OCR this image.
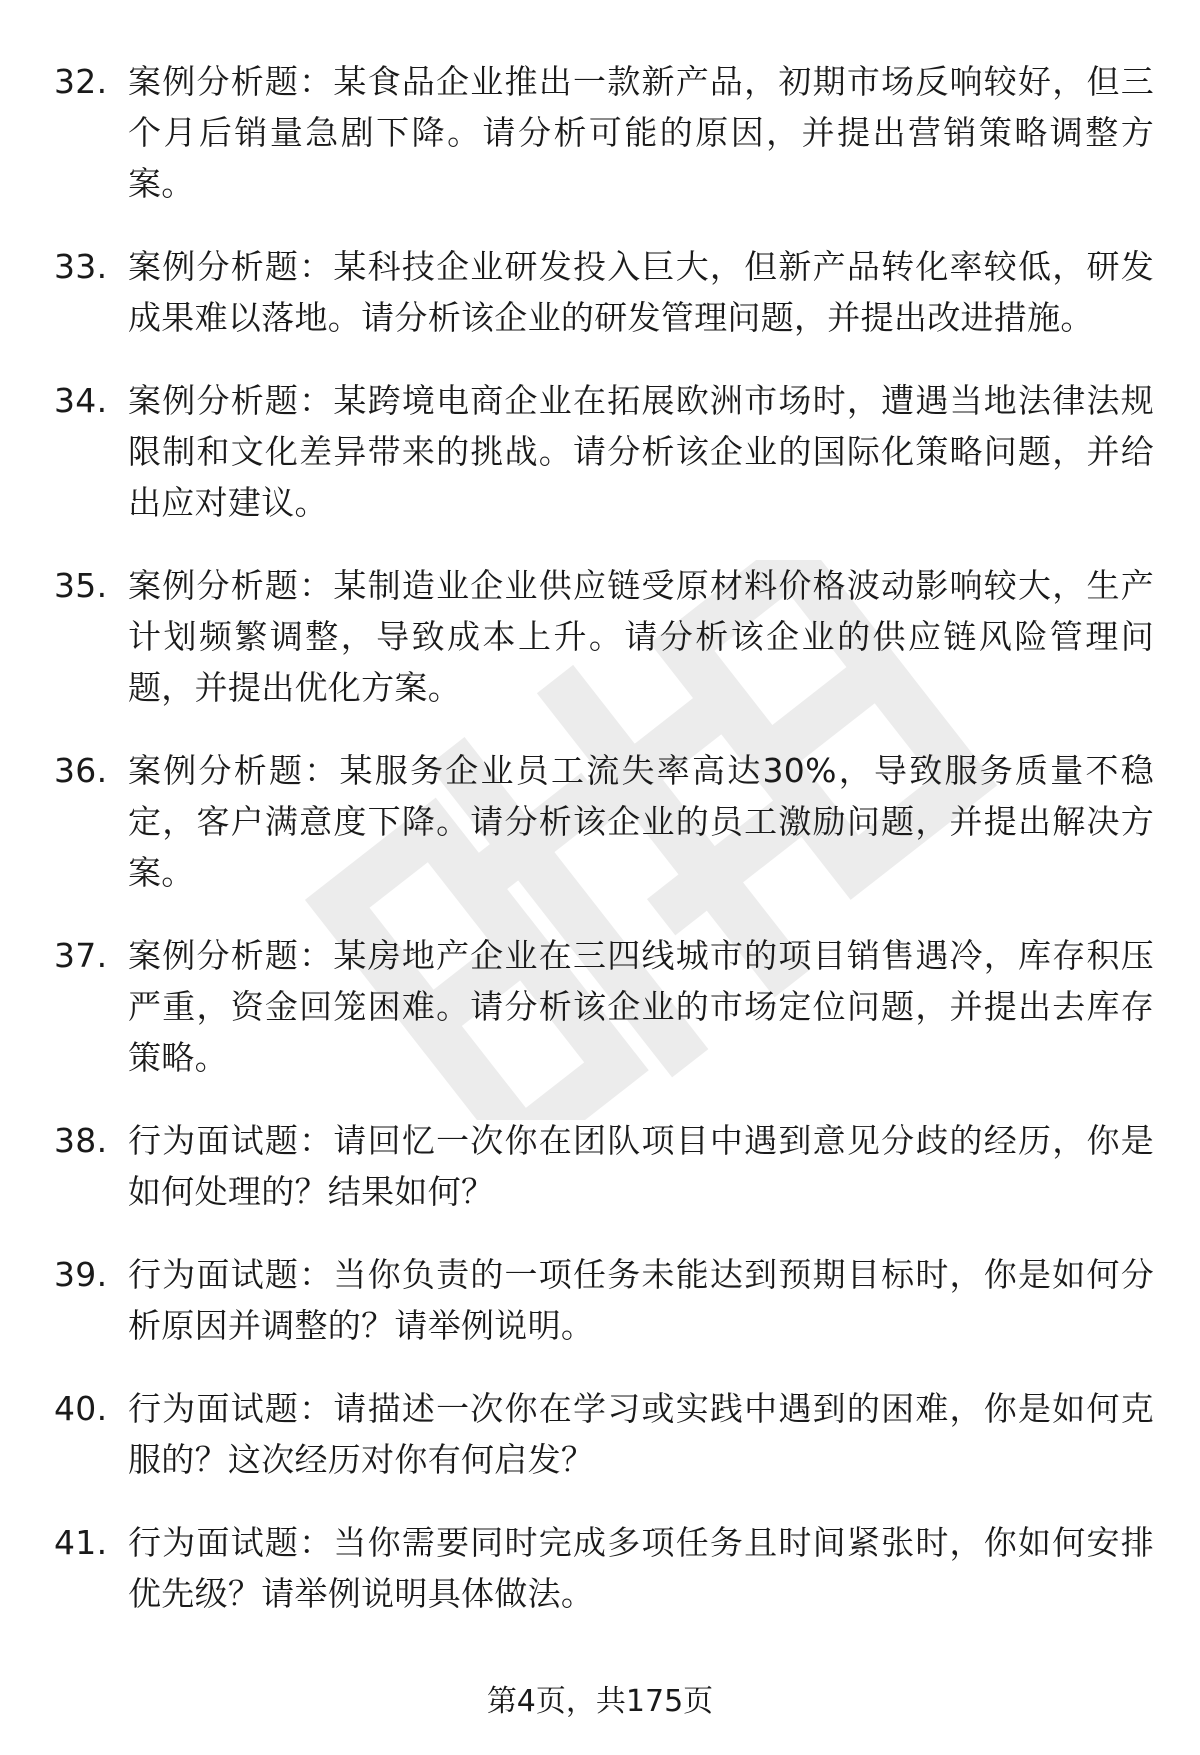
32. 案例分析题：某食品企业推出一款新产品，初期市场反响较好，但三个月后销量急剧下降。请分析可能的原因，并提出营销策略调整方案。
33. 案例分析题：某科技企业研发投入巨大，但新产品转化率较低，研发成果难以落地。请分析该企业的研发管理问题，并提出改进措施。
34. 案例分析题：某跨境电商企业在拓展欧洲市场时，遭遇当地法律法规限制和文化差异带来的挑战。请分析该企业的国际化策略问题，并给出应对建议。
35. 案例分析题：某制造业企业供应链受原材料价格波动影响较大，生产计划频繁调整，导致成本上升。请分析该企业的供应链风险管理问题，并提出优化方案。
36. 案例分析题：某服务企业员工流失率高达30%，导致服务质量不稳定，客户满意度下降。请分析该企业的员工激励问题，并提出解决方案。
37. 案例分析题：某房地产企业在三四线城市的项目销售遇冷，库存积压严重，资金回笼困难。请分析该企业的市场定位问题，并提出去库存策略。
38. 行为面试题：请回忆一次你在团队项目中遇到意见分歧的经历，你是如何处理的？结果如何？
39. 行为面试题：当你负责的一项任务未能达到预期目标时，你是如何分析原因并调整的？请举例说明。
40. 行为面试题：请描述一次你在学习或实践中遇到的困难，你是如何克服的？这次经历对你有何启发？
41. 行为面试题：当你需要同时完成多项任务且时间紧张时，你如何安排优先级？请举例说明具体做法。
第4页，共175页
